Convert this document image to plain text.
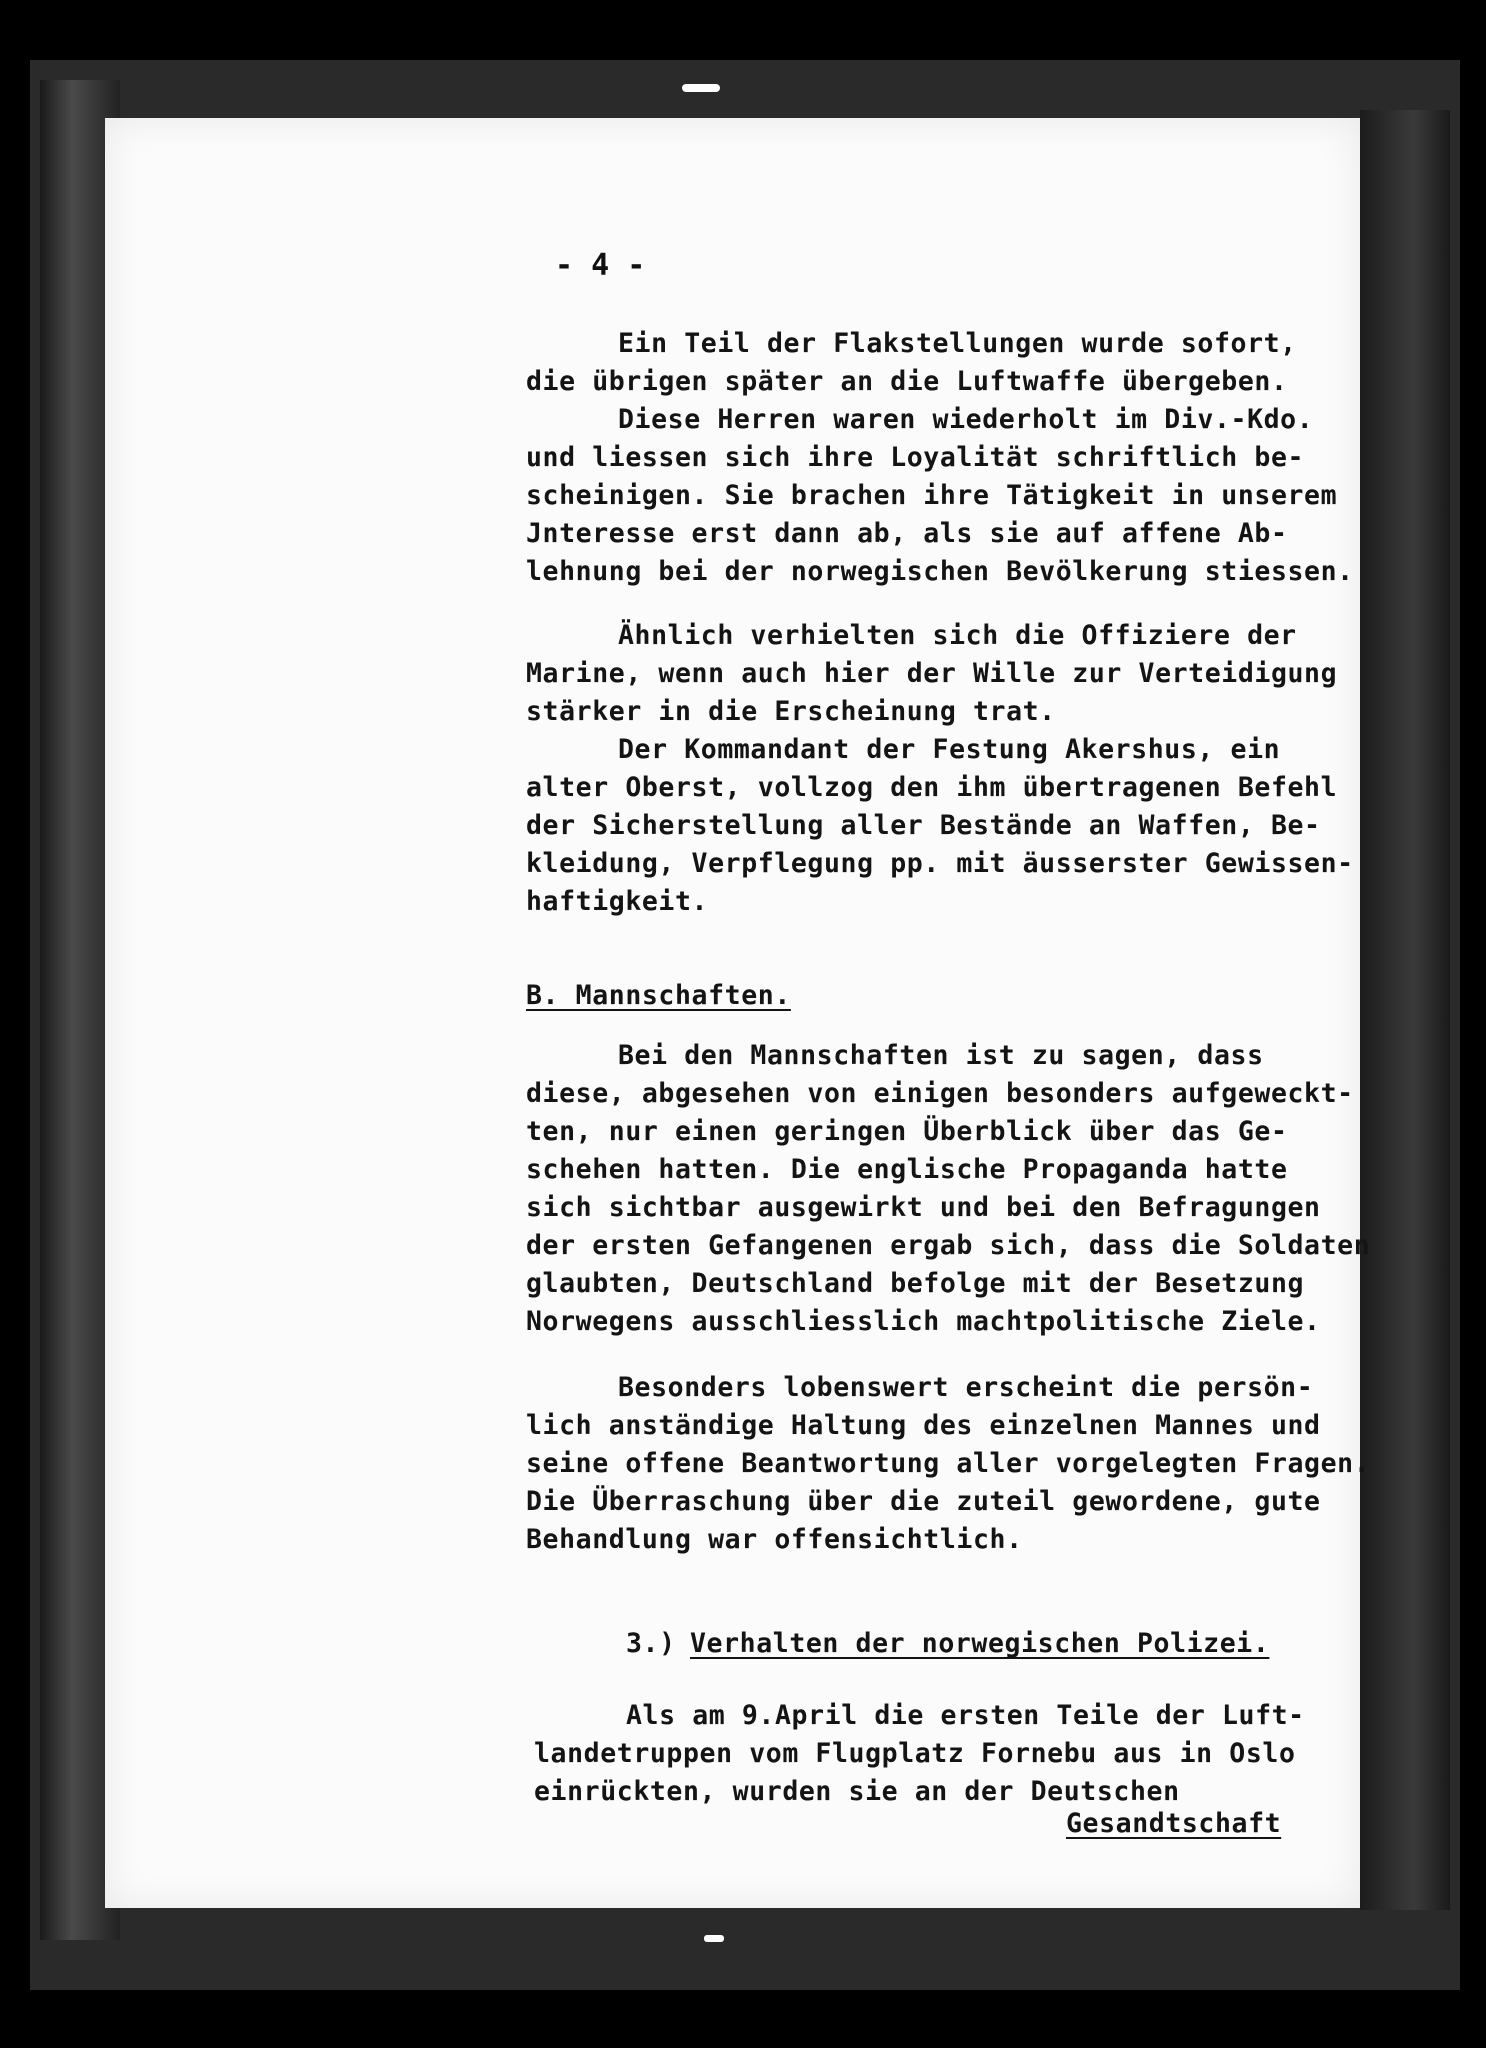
- 4 -
Ein Teil der Flakstellungen wurde sofort,
die übrigen später an die Luftwaffe übergeben.
Diese Herren waren wiederholt im Div.-Kdo.
und liessen sich ihre Loyalität schriftlich be-
scheinigen. Sie brachen ihre Tätigkeit in unserem
Jnteresse erst dann ab, als sie auf affene Ab-
lehnung bei der norwegischen Bevölkerung stiessen.
Ähnlich verhielten sich die Offiziere der
Marine, wenn auch hier der Wille zur Verteidigung
stärker in die Erscheinung trat.
Der Kommandant der Festung Akershus, ein
alter Oberst, vollzog den ihm übertragenen Befehl
der Sicherstellung aller Bestände an Waffen, Be-
kleidung, Verpflegung pp. mit äusserster Gewissen-
haftigkeit.
B. Mannschaften.
Bei den Mannschaften ist zu sagen, dass
diese, abgesehen von einigen besonders aufgeweckt-
ten, nur einen geringen Überblick über das Ge-
schehen hatten. Die englische Propaganda hatte
sich sichtbar ausgewirkt und bei den Befragungen
der ersten Gefangenen ergab sich, dass die Soldaten
glaubten, Deutschland befolge mit der Besetzung
Norwegens ausschliesslich machtpolitische Ziele.
Besonders lobenswert erscheint die persön-
lich anständige Haltung des einzelnen Mannes und
seine offene Beantwortung aller vorgelegten Fragen.
Die Überraschung über die zuteil gewordene, gute
Behandlung war offensichtlich.
3.) Verhalten der norwegischen Polizei.
Als am 9.April die ersten Teile der Luft-
landetruppen vom Flugplatz Fornebu aus in Oslo
einrückten, wurden sie an der Deutschen
Gesandtschaft
